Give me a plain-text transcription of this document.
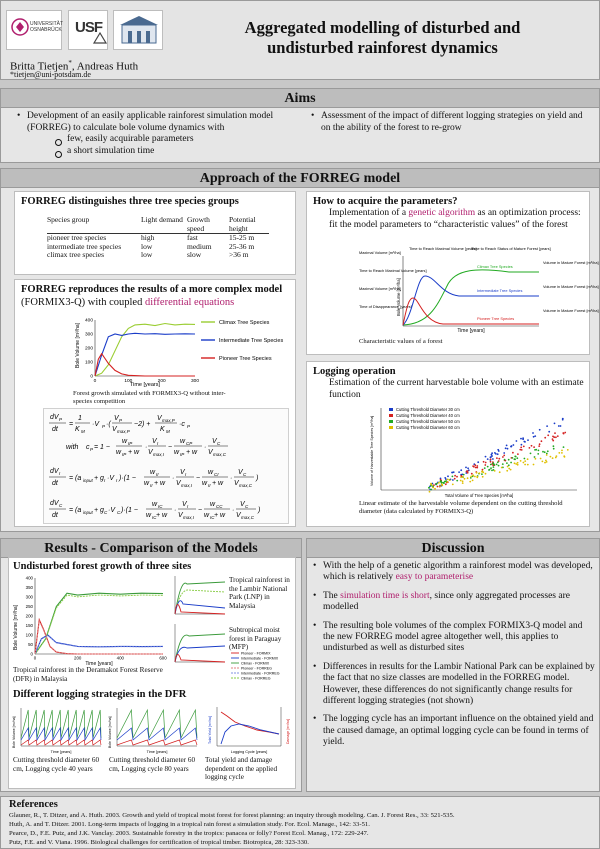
UNIVERSITÄT OSNABRÜCK USF
Britta Tietjen*, Andreas Huth
*tietjen@uni-potsdam.de
Aggregated modelling of disturbed and
undisturbed rainforest dynamics
Aims
• Development of an easily applicable rainforest simulation model (FORREG) to calculate bole volume dynamics with
few, easily acquirable parameters
a short simulation time
• Assessment of the impact of different logging strategies on yield and on the ability of the forest to re-grow
Approach of the FORREG model
FORREG distinguishes three tree species groups
Species group	Light demand	Growth speed	Potential height
pioneer tree species	high	fast	15-25 m
intermediate tree species	low	medium	25-36 m
climax tree species	low	slow	>36 m
FORREG reproduces the results of a more complex model (FORMIX3-Q) with coupled differential equations
Bole Volume [m³/ha]
Time [years]
0	100	200	300
0
100
200
300
400	Climax Tree Species
Intermediate Tree Species
Pioneer Tree Species
Forest growth simulated with FORMIX3-Q without inter-species competition
dV P
dt
=
1
K M
·V P ·(
V P
V max,P
−2) +
V max,P
K M
·c P
with c P = 1 −
w IP
w IP + w
·
V I
V max,I
−
w CP
w IP + w
·
V C
V max,C
dV I
dt
= (a input + g I ·V I )·(1 −
w II
w II + w
·
V I
V max,I
−
w CI
w II + w
·
V C
V max,C
)
dV C
dt
= (a input + g C ·V C )·(1 −
w IC
w IC + w
·
V I
V max,I
−
w CC
w IC + w
·
V C
V max,C
)
How to acquire the parameters?
Implementation of a genetic algorithm as an optimization process: fit the model parameters to “characteristic values” of the forest
Maximal Volume [m³/ha]
Time to Reach Maximal Volume [years]
Maximal Volume [m³/ha]
Time of Disappearance [years]
Time to Reach Maximal Volume [years]
Time to Reach Status of Mature Forest [years]
Bole Volume [m³/ha]
Time [years]
Climax Tree Species
Intermediate Tree Species
Pioneer Tree Species
Volume in Mature Forest [m³/ha]
Volume in Mature Forest [m³/ha]
Volume in Mature Forest [m³/ha]
Characteristic values of a forest
Logging operation
Estimation of the current harvestable bole volume with an estimate function
Volume of Harvestable Tree Species [m³/ha]
Total Volume of Tree Species [m³/ha]
Cutting Threshold Diameter 30 cm
Cutting Threshold Diameter 40 cm
Cutting Threshold Diameter 50 cm
Cutting Threshold Diameter 60 cm
Linear estimate of the harvestable volume dependent on the cutting threshold diameter (data calculated by FORMIX3-Q)
Results - Comparison of the Models
Undisturbed forest growth of three sites
Bole Volume [m³/ha]
Time [years]
0	200	400	600
0
50
100
150
200
250
300
350
400
Tropical rainforest in the Deramakot Forest Reserve (DFR) in Malaysia
Tropical rainforest in the Lambir National Park (LNP) in Malaysia
Subtropical moist forest in Paraguay (MFP)
Pioneer - FORMIX
Intermediate - FORMIX
Climax - FORMIX
Pioneer - FORREG
Intermediate - FORREG
Climax - FORREG
Different logging strategies in the DFR
Bole Volume [m³/ha]
Time [years]
Bole Volume [m³/ha]
Time [years]
Total Yield [m³/ha]	Damage [m³/ha]
Logging Cycle [years]
Cutting threshold diameter 60 cm, Logging cycle 40 years
Cutting threshold diameter 60 cm, Logging cycle 80 years
Total yield and damage dependent on the applied logging cycle
Discussion
• With the help of a genetic algorithm a rainforest model was developed, which is relatively easy to parameterise
• The simulation time is short, since only aggregated processes are modelled
• The resulting bole volumes of the complex FORMIX3-Q model and the new FORREG model agree altogether well, this applies to undisturbed as well as disturbed sites
• Differences in results for the Lambir National Park can be explained by the fact that no size classes are modelled in the FORREG model. However, these differences do not significantly change results for different logging strategies (not shown)
• The logging cycle has an important influence on the obtained yield and the caused damage, an optimal logging cycle can be found in terms of yield.
References
Glauner, R., T. Ditzer, and A. Huth. 2003. Growth and yield of tropical moist forest for forest planning: an inquiry through modeling. Can. J. Forest Res., 33: 521-535.
Huth, A. and T. Ditzer. 2001. Long-term impacts of logging in a tropical rain forest a simulation study. For. Ecol. Manage., 142: 33-51.
Pearce, D., F.E. Putz, and J.K. Vanclay. 2003. Sustainable forestry in the tropics: panacea or folly? Forest Ecol. Manag., 172: 229-247.
Putz, F.E. and V. Viana. 1996. Biological challenges for certification of tropical timber. Biotropica, 28: 323-330.
